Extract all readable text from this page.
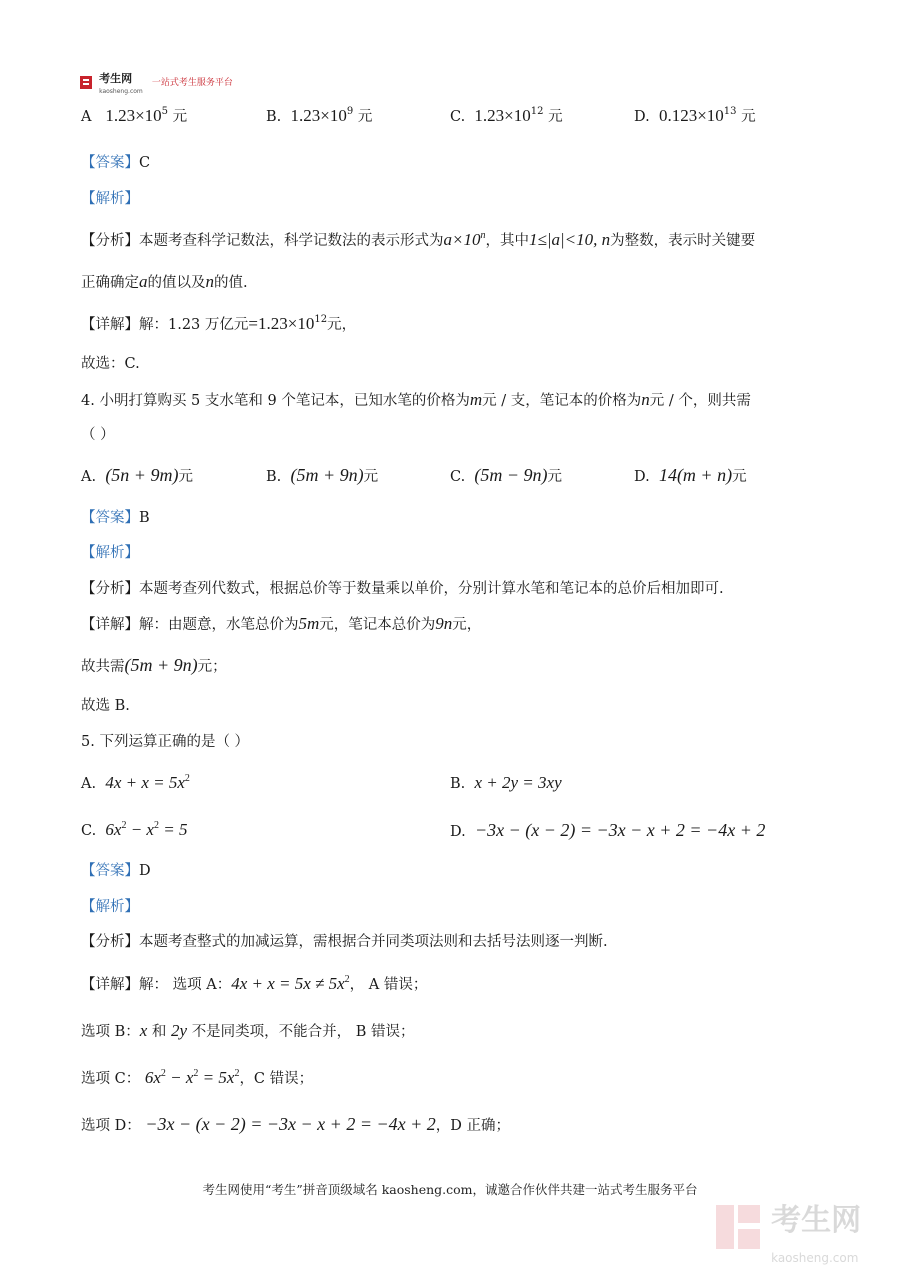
考生网
kaosheng.com 一站式考生服务平台
A $1.23\times 10^5$ 元	B. $1.23\times 10^9$ 元	C. $1.23\times 10^{12}$ 元	D. $0.123\times 10^{13}$ 元
【答案】C
【解析】
【分析】本题考查科学记数法，科学记数法的表示形式为$a\times 10^n$，其中1≤|a|<10, n为整数，表示时关键要
正确确定a的值以及n的值.
【详解】解：1.23 万亿元$=1.23\times 10^{12}$元，
故选：C.
4. 小明打算购买 5 支水笔和 9 个笔记本，已知水笔的价格为m元 / 支，笔记本的价格为n元 / 个，则共需
（ ）
A. (5n + 9m)元	B. (5m + 9n)元	C. (5m − 9n)元	D. 14(m + n)元
【答案】B
【解析】
【分析】本题考查列代数式，根据总价等于数量乘以单价，分别计算水笔和笔记本的总价后相加即可.
【详解】解：由题意，水笔总价为5m元，笔记本总价为9n元，
故共需(5m + 9n)元；
故选 B.
5. 下列运算正确的是（ ）
A. $4x + x = 5x^2$	B. x + 2y = 3xy
C. $6x^2 - x^2 = 5$	D. −3x − (x − 2) = −3x − x + 2 = −4x + 2
【答案】D
【解析】
【分析】本题考查整式的加减运算，需根据合并同类项法则和去括号法则逐一判断.
【详解】解： 选项 A：$4x + x = 5x \ne 5x^2$， A 错误；
选项 B：x 和 2y 不是同类项，不能合并， B 错误；
选项 C： $6x^2 - x^2 = 5x^2$，C 错误；
选项 D： −3x − (x − 2) = −3x − x + 2 = −4x + 2，D 正确；
考生网使用“考生”拼音顶级域名 kaosheng.com，诚邀合作伙伴共建一站式考生服务平台
考生网
kaosheng.com
